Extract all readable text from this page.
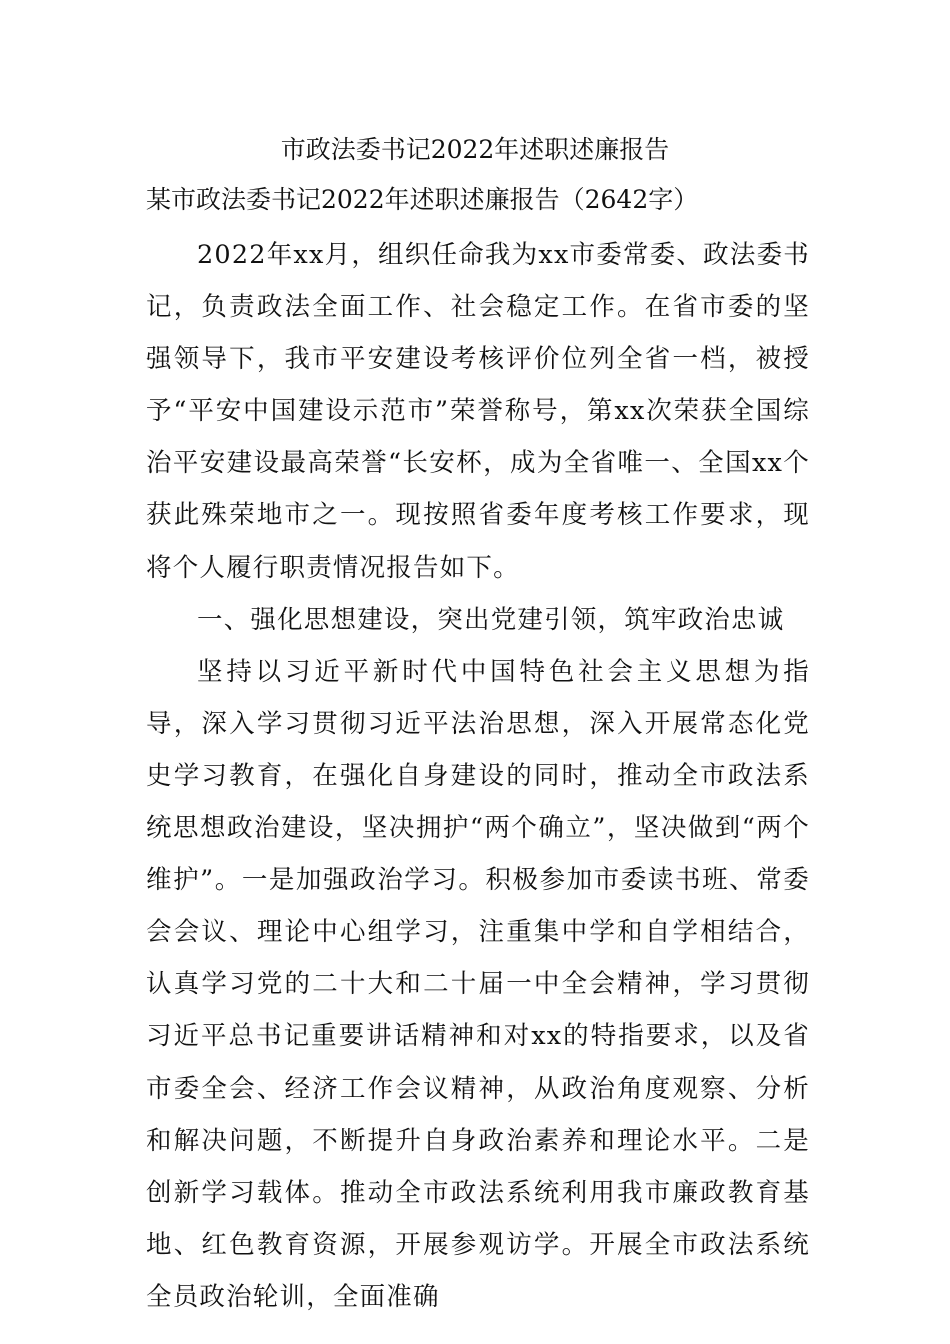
市政法委书记2022年述职述廉报告

某市政法委书记2022年述职述廉报告（2642字）

2022年xx月，组织任命我为xx市委常委、政法委书记，负责政法全面工作、社会稳定工作。在省市委的坚强领导下，我市平安建设考核评价位列全省一档，被授予“平安中国建设示范市”荣誉称号，第xx次荣获全国综治平安建设最高荣誉“长安杯，成为全省唯一、全国xx个获此殊荣地市之一。现按照省委年度考核工作要求，现将个人履行职责情况报告如下。

一、强化思想建设，突出党建引领，筑牢政治忠诚

坚持以习近平新时代中国特色社会主义思想为指导，深入学习贯彻习近平法治思想，深入开展常态化党史学习教育，在强化自身建设的同时，推动全市政法系统思想政治建设，坚决拥护“两个确立”，坚决做到“两个维护”。一是加强政治学习。积极参加市委读书班、常委会会议、理论中心组学习，注重集中学和自学相结合，认真学习党的二十大和二十届一中全会精神，学习贯彻习近平总书记重要讲话精神和对xx的特指要求，以及省市委全会、经济工作会议精神，从政治角度观察、分析和解决问题，不断提升自身政治素养和理论水平。二是创新学习载体。推动全市政法系统利用我市廉政教育基地、红色教育资源，开展参观访学。开展全市政法系统全员政治轮训，全面准确
